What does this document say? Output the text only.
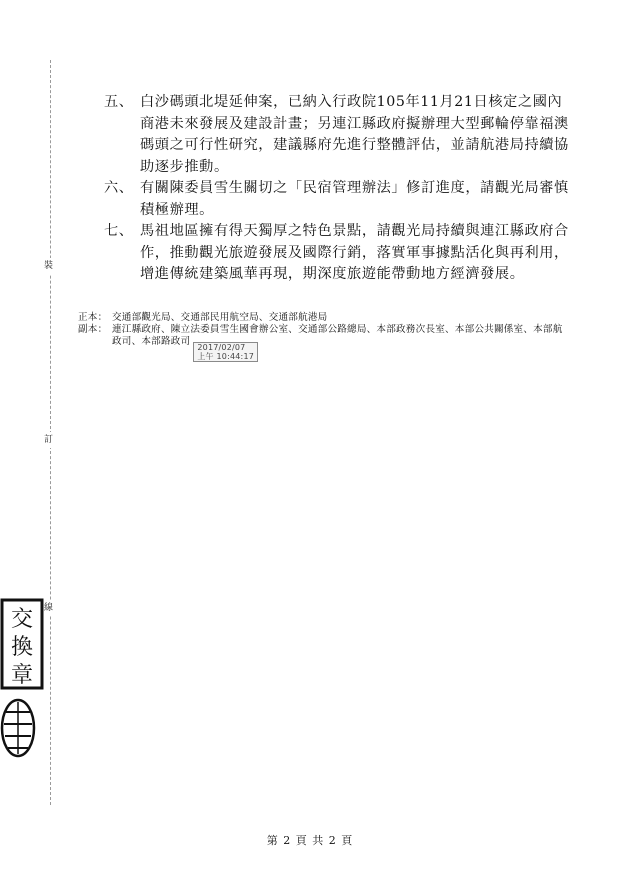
裝
訂
線
交
換
章
五、 白沙碼頭北堤延伸案，已納入行政院105年11月21日核定之國內商港未來發展及建設計畫；另連江縣政府擬辦理大型郵輪停靠福澳碼頭之可行性研究，建議縣府先進行整體評估，並請航港局持續協助逐步推動。
六、 有關陳委員雪生關切之「民宿管理辦法」修訂進度，請觀光局審慎積極辦理。
七、 馬祖地區擁有得天獨厚之特色景點，請觀光局持續與連江縣政府合作，推動觀光旅遊發展及國際行銷，落實軍事據點活化與再利用，增進傳統建築風華再現，期深度旅遊能帶動地方經濟發展。
正本： 交通部觀光局、交通部民用航空局、交通部航港局
副本： 連江縣政府、陳立法委員雪生國會辦公室、交通部公路總局、本部政務次長室、本部公共關係室、本部航政司、本部路政司2017/02/07
上午 10:44:17
第 2 頁 共 2 頁
